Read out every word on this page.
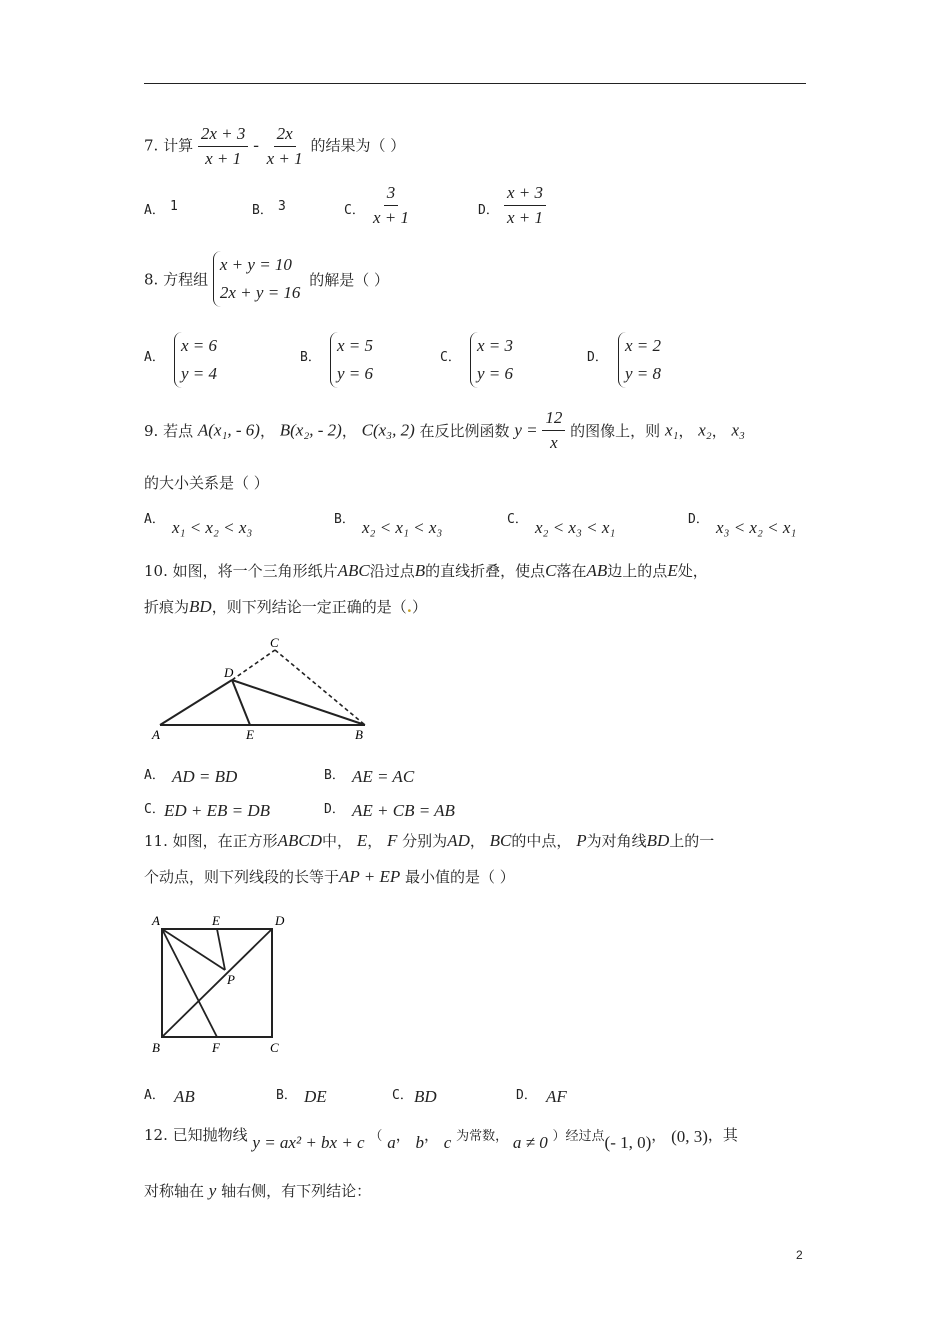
7. 计算 $\frac{2x + 3}{x + 1} - \frac{2x}{x + 1}$ 的结果为（ ）
A． 1	B． 3	C． $\frac{3}{x + 1}$	D． $\frac{x + 3}{x + 1}$
8. 方程组
x + y = 10
2x + y = 16
的解是（ ）
A．
x = 6
y = 4
B．
x = 5
y = 6
C．
x = 3
y = 6
D．
x = 2
y = 8
9. 若点 A(x₁, - 6)， B(x₂, - 2)， C(x₃, 2) 在反比例函数 $y = \frac{12}{x}$ 的图像上，则 x₁， x₂， x₃
的大小关系是（ ）
A． x₁ < x₂ < x₃	B． x₂ < x₁ < x₃	C． x₂ < x₃ < x₁	D． x₃ < x₂ < x₁
10. 如图，将一个三角形纸片ABC沿过点B的直线折叠，使点C落在AB边上的点E处，
折痕为BD，则下列结论一定正确的是（.）
A	E	B
D
C
A． AD = BD	B． AE = AC
C． ED + EB = DB	D． AE + CB = AB
11. 如图，在正方形ABCD中， E， F 分别为AD， BC的中点， P为对角线BD上的一
个动点，则下列线段的长等于AP + EP 最小值的是（ ）
A	E	D
P
B	F	C
A． AB	B． DE	C． BD	D． AF
12. 已知抛物线 y = ax² + bx + c （ a， b， c 为常数， a ≠ 0 ）经过点(- 1, 0)， (0, 3)，其
对称轴在 y 轴右侧，有下列结论：
2
